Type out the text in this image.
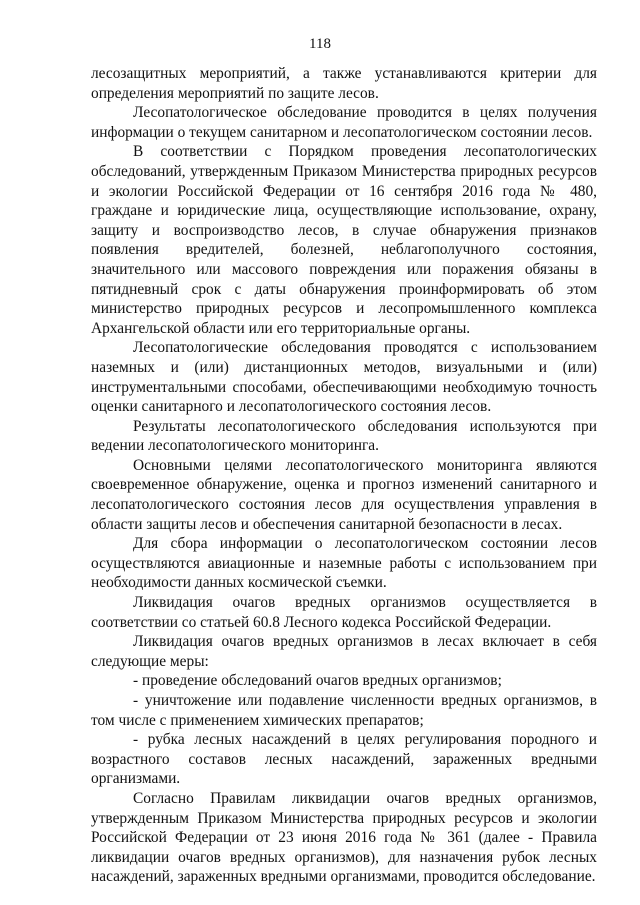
118

лесозащитных мероприятий, а также устанавливаются критерии для определения мероприятий по защите лесов.

Лесопатологическое обследование проводится в целях получения информации о текущем санитарном и лесопатологическом состоянии лесов.

В соответствии с Порядком проведения лесопатологических обследований, утвержденным Приказом Министерства природных ресурсов и экологии Российской Федерации от 16 сентября 2016 года № 480, граждане и юридические лица, осуществляющие использование, охрану, защиту и воспроизводство лесов, в случае обнаружения признаков появления вредителей, болезней, неблагополучного состояния, значительного или массового повреждения или поражения обязаны в пятидневный срок с даты обнаружения проинформировать об этом министерство природных ресурсов и лесопромышленного комплекса Архангельской области или его территориальные органы.

Лесопатологические обследования проводятся с использованием наземных и (или) дистанционных методов, визуальными и (или) инструментальными способами, обеспечивающими необходимую точность оценки санитарного и лесопатологического состояния лесов.

Результаты лесопатологического обследования используются при ведении лесопатологического мониторинга.

Основными целями лесопатологического мониторинга являются своевременное обнаружение, оценка и прогноз изменений санитарного и лесопатологического состояния лесов для осуществления управления в области защиты лесов и обеспечения санитарной безопасности в лесах.

Для сбора информации о лесопатологическом состоянии лесов осуществляются авиационные и наземные работы с использованием при необходимости данных космической съемки.

Ликвидация очагов вредных организмов осуществляется в соответствии со статьей 60.8 Лесного кодекса Российской Федерации.

Ликвидация очагов вредных организмов в лесах включает в себя следующие меры:

- проведение обследований очагов вредных организмов;

- уничтожение или подавление численности вредных организмов, в том числе с применением химических препаратов;

- рубка лесных насаждений в целях регулирования породного и возрастного составов лесных насаждений, зараженных вредными организмами.

Согласно Правилам ликвидации очагов вредных организмов, утвержденным Приказом Министерства природных ресурсов и экологии Российской Федерации от 23 июня 2016 года № 361 (далее - Правила ликвидации очагов вредных организмов), для назначения рубок лесных насаждений, зараженных вредными организмами, проводится обследование.
